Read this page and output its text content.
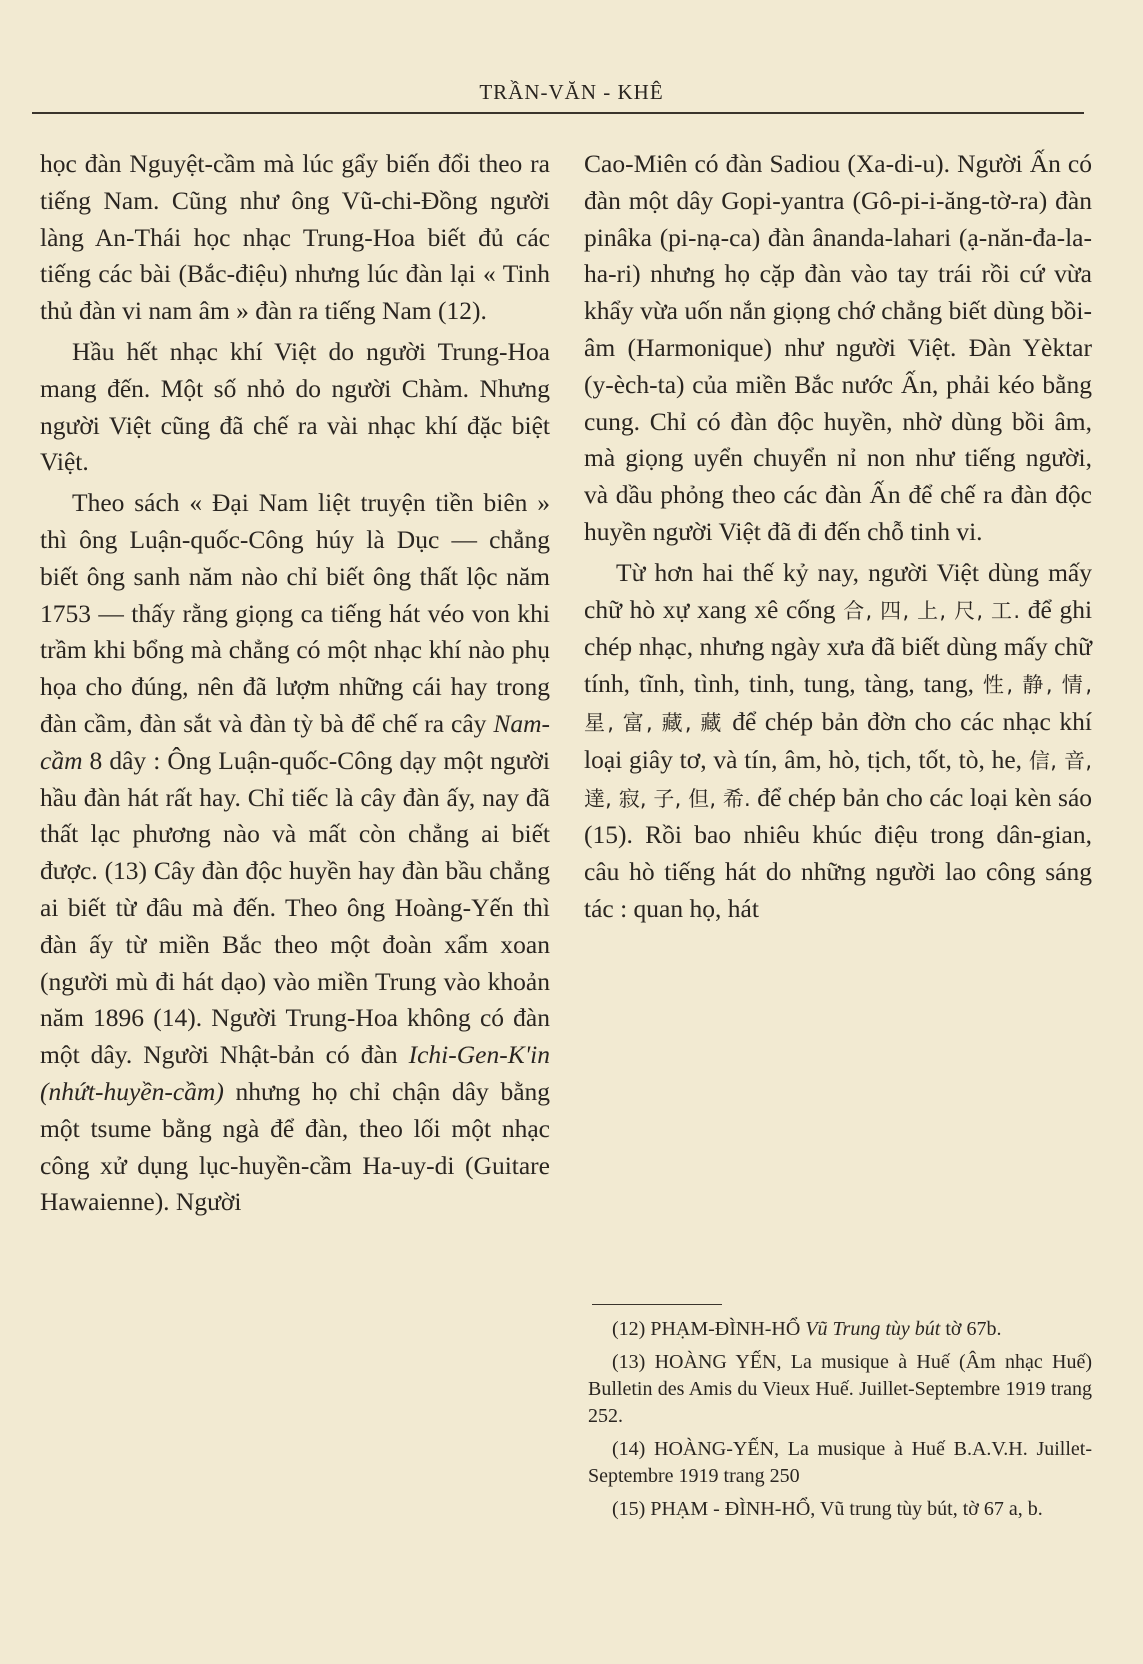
TRẦN-VĂN - KHÊ

học đàn Nguyệt-cầm mà lúc gẩy biến đổi theo ra tiếng Nam. Cũng như ông Vũ-chi-Đồng người làng An-Thái học nhạc Trung-Hoa biết đủ các tiếng các bài (Bắc-điệu) nhưng lúc đàn lại « Tinh thủ đàn vi nam âm » đàn ra tiếng Nam (12).

Hầu hết nhạc khí Việt do người Trung-Hoa mang đến. Một số nhỏ do người Chàm. Nhưng người Việt cũng đã chế ra vài nhạc khí đặc biệt Việt.

Theo sách « Đại Nam liệt truyện tiền biên » thì ông Luận-quốc-Công húy là Dục — chẳng biết ông sanh năm nào chỉ biết ông thất lộc năm 1753 — thấy rằng giọng ca tiếng hát véo von khi trầm khi bổng mà chẳng có một nhạc khí nào phụ họa cho đúng, nên đã lượm những cái hay trong đàn cầm, đàn sắt và đàn tỳ bà để chế ra cây Nam-cầm 8 dây : Ông Luận-quốc-Công dạy một người hầu đàn hát rất hay. Chỉ tiếc là cây đàn ấy, nay đã thất lạc phương nào và mất còn chẳng ai biết được. (13) Cây đàn độc huyền hay đàn bầu chẳng ai biết từ đâu mà đến. Theo ông Hoàng-Yến thì đàn ấy từ miền Bắc theo một đoàn xẩm xoan (người mù đi hát dạo) vào miền Trung vào khoản năm 1896 (14). Người Trung-Hoa không có đàn một dây. Người Nhật-bản có đàn Ichi-Gen-K'in (nhứt-huyền-cầm) nhưng họ chỉ chận dây bằng một tsume bằng ngà để đàn, theo lối một nhạc công xử dụng lục-huyền-cầm Ha-uy-di (Guitare Hawaienne). Người

Cao-Miên có đàn Sadiou (Xa-di-u). Người Ấn có đàn một dây Gopi-yantra (Gô-pi-i-ăng-tờ-ra) đàn pinâka (pi-nạ-ca) đàn ânanda-lahari (ạ-năn-đa-la-ha-ri) nhưng họ cặp đàn vào tay trái rồi cứ vừa khẩy vừa uốn nắn giọng chớ chẳng biết dùng bồi-âm (Harmonique) như người Việt. Đàn Yèktar (y-èch-ta) của miền Bắc nước Ấn, phải kéo bằng cung. Chỉ có đàn độc huyền, nhờ dùng bồi âm, mà giọng uyển chuyển nỉ non như tiếng người, và dầu phỏng theo các đàn Ấn để chế ra đàn độc huyền người Việt đã đi đến chỗ tinh vi.

Từ hơn hai thế kỷ nay, người Việt dùng mấy chữ hò xự xang xê cống 合, 四, 上, 尺, 工. để ghi chép nhạc, nhưng ngày xưa đã biết dùng mấy chữ tính, tĩnh, tình, tinh, tung, tàng, tang, 性, 静, 情, 星, 富, 藏, 藏 để chép bản đờn cho các nhạc khí loại giây tơ, và tín, âm, hò, tịch, tốt, tò, he, 信, 音, 達, 寂, 子, 但, 希. để chép bản cho các loại kèn sáo (15). Rồi bao nhiêu khúc điệu trong dân-gian, câu hò tiếng hát do những người lao công sáng tác : quan họ, hát

(12) PHẠM-ĐÌNH-HỔ Vũ Trung tùy bút tờ 67b.

(13) HOÀNG YẾN, La musique à Huế (Âm nhạc Huế) Bulletin des Amis du Vieux Huế. Juillet-Septembre 1919 trang 252.

(14) HOÀNG-YẾN, La musique à Huế B.A.V.H. Juillet-Septembre 1919 trang 250

(15) PHẠM - ĐÌNH-HỔ, Vũ trung tùy bút, tờ 67 a, b.
